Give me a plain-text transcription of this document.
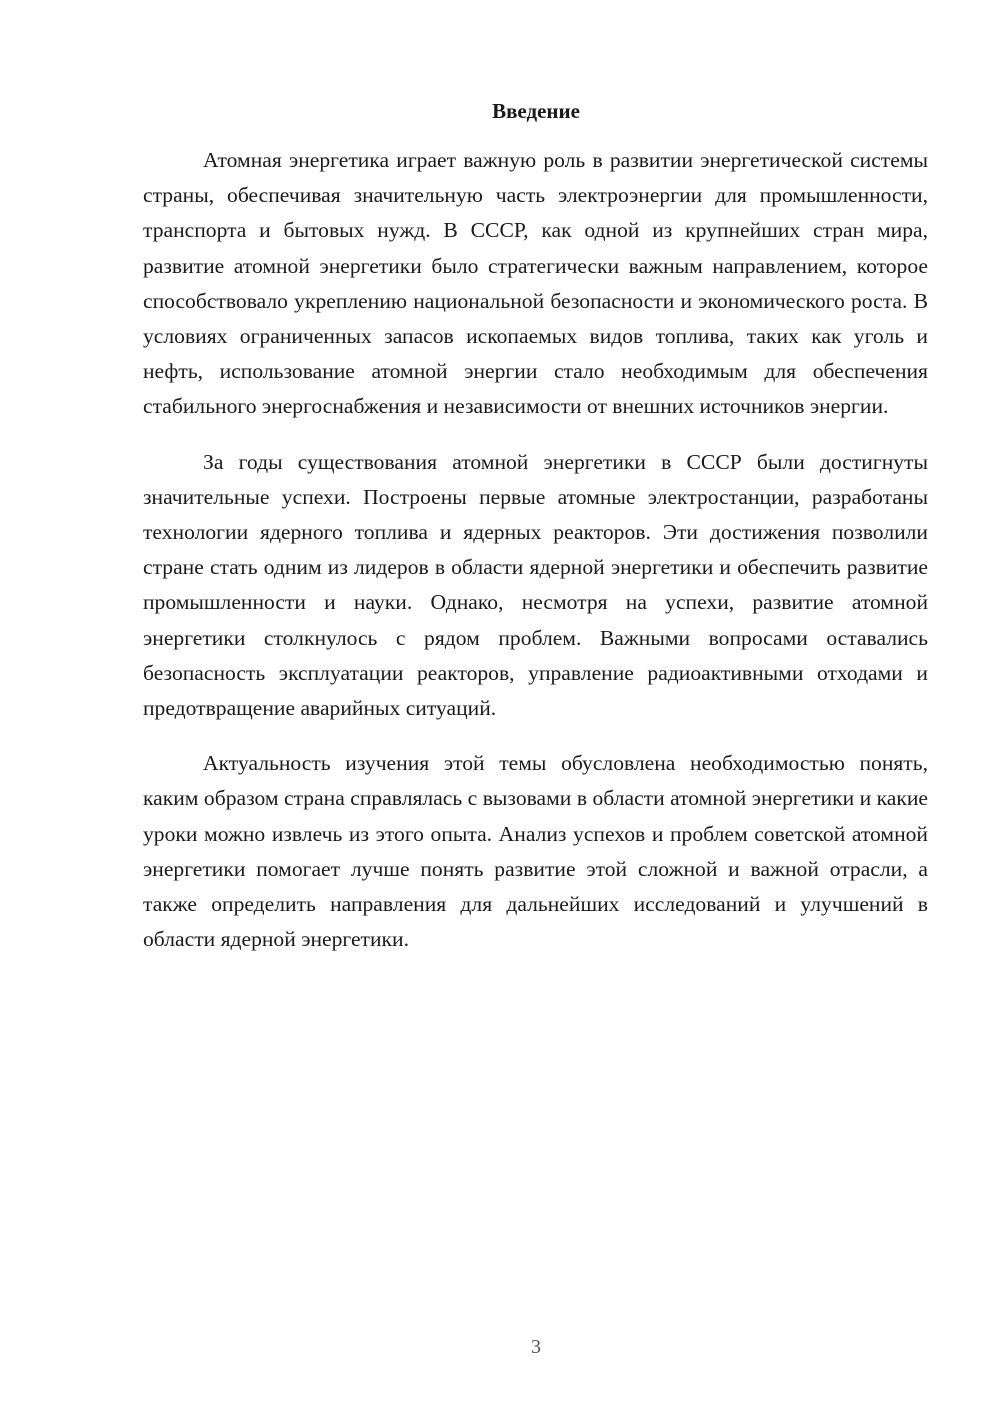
Введение

Атомная энергетика играет важную роль в развитии энергетической системы страны, обеспечивая значительную часть электроэнергии для промышленности, транспорта и бытовых нужд. В СССР, как одной из крупнейших стран мира, развитие атомной энергетики было стратегически важным направлением, которое способствовало укреплению национальной безопасности и экономического роста. В условиях ограниченных запасов ископаемых видов топлива, таких как уголь и нефть, использование атомной энергии стало необходимым для обеспечения стабильного энергоснабжения и независимости от внешних источников энергии.

За годы существования атомной энергетики в СССР были достигнуты значительные успехи. Построены первые атомные электростанции, разработаны технологии ядерного топлива и ядерных реакторов. Эти достижения позволили стране стать одним из лидеров в области ядерной энергетики и обеспечить развитие промышленности и науки. Однако, несмотря на успехи, развитие атомной энергетики столкнулось с рядом проблем. Важными вопросами оставались безопасность эксплуатации реакторов, управление радиоактивными отходами и предотвращение аварийных ситуаций.

Актуальность изучения этой темы обусловлена необходимостью понять, каким образом страна справлялась с вызовами в области атомной энергетики и какие уроки можно извлечь из этого опыта. Анализ успехов и проблем советской атомной энергетики помогает лучше понять развитие этой сложной и важной отрасли, а также определить направления для дальнейших исследований и улучшений в области ядерной энергетики.

3
